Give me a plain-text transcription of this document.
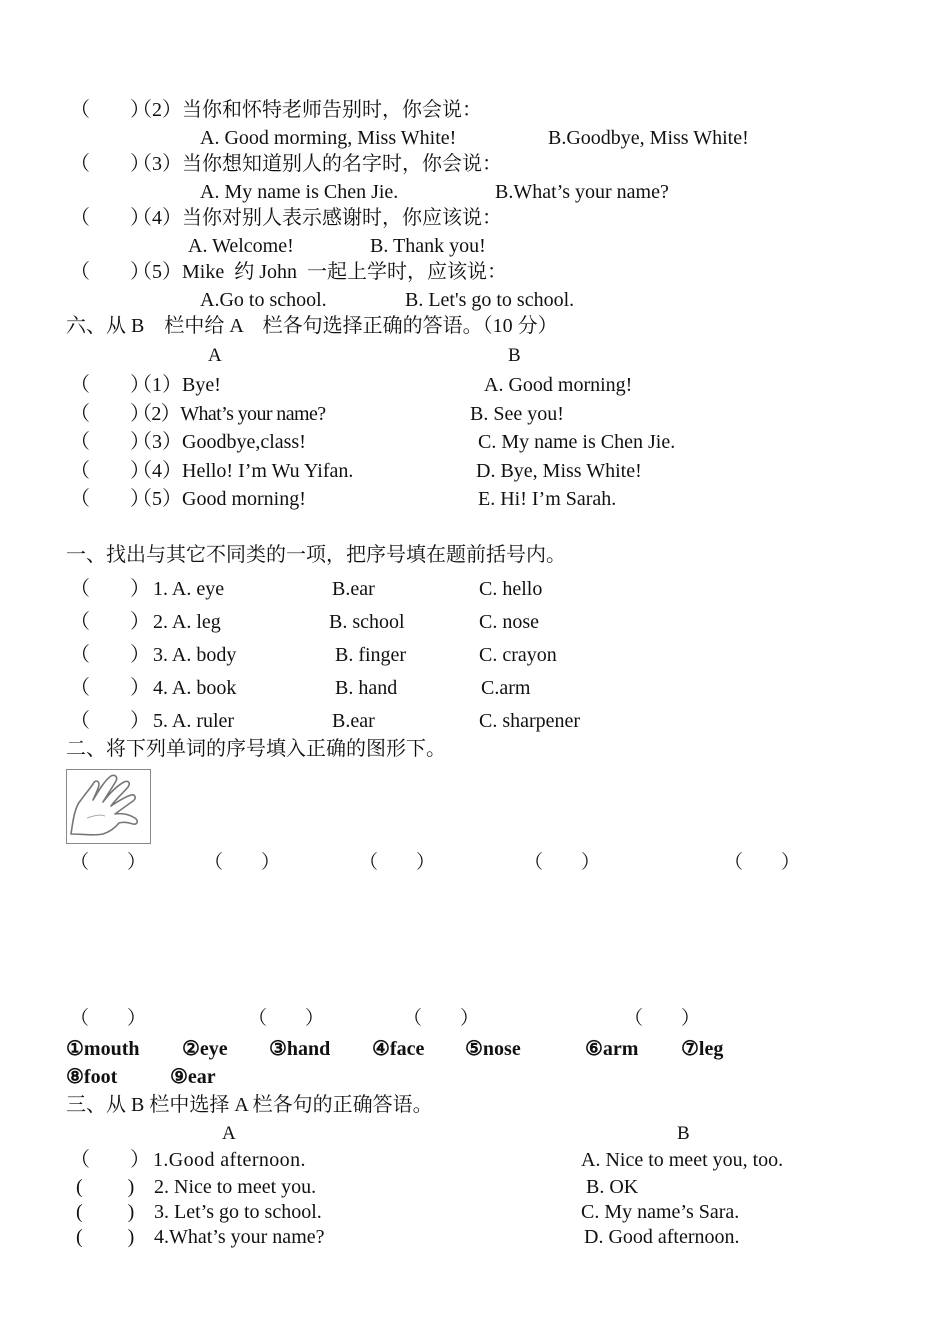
（　　）
（2）当你和怀特老师告别时，你会说：
A. Good morming, Miss White!	B.Goodbye, Miss White!
（　　）
（3）当你想知道别人的名字时，你会说：
A. My name is Chen Jie.	B.What’s your name?
（　　）
（4）当你对别人表示感谢时，你应该说：
A. Welcome!	B. Thank you!
（　　）
（5）Mike  约 John  一起上学时，应该说：
A.Go to school.	B. Let's go to school.
六、从 B　栏中给 A　栏各句选择正确的答语。（10 分）
A	B
（　　）
（1）Bye!	A. Good morning!
（　　）
（2）What’s your name?	B. See you!
（　　）
（3）Goodbye,class!	C. My name is Chen Jie.
（　　）
（4）Hello! I’m Wu Yifan.	D. Bye, Miss White!
（　　）
（5）Good morning!	E. Hi! I’m Sarah.
一、找出与其它不同类的一项，把序号填在题前括号内。
（　　） 1. A. eye	B.ear	C. hello
（　　） 2. A. leg	B. school	C. nose
（　　） 3. A. body	B. finger	C. crayon
（　　） 4. A. book	B. hand	C.arm
（　　） 5. A. ruler	B.ear	C. sharpener
二、将下列单词的序号填入正确的图形下。
（　　）	（　　）	（　　）	（　　）	（　　）
（　　）	（　　）	（　　）	（　　）
①mouth ②eye ③hand ④face ⑤nose	⑥arm ⑦leg
⑧foot	⑨ear
三、从 B 栏中选择 A 栏各句的正确答语。
A	B
（　　） 1.Good afternoon.	A. Nice to meet you, too.
(　　 ) 2. Nice to meet you.	B. OK
(　　 ) 3. Let’s go to school.	C. My name’s Sara.
(　　 ) 4.What’s your name?	D. Good afternoon.
